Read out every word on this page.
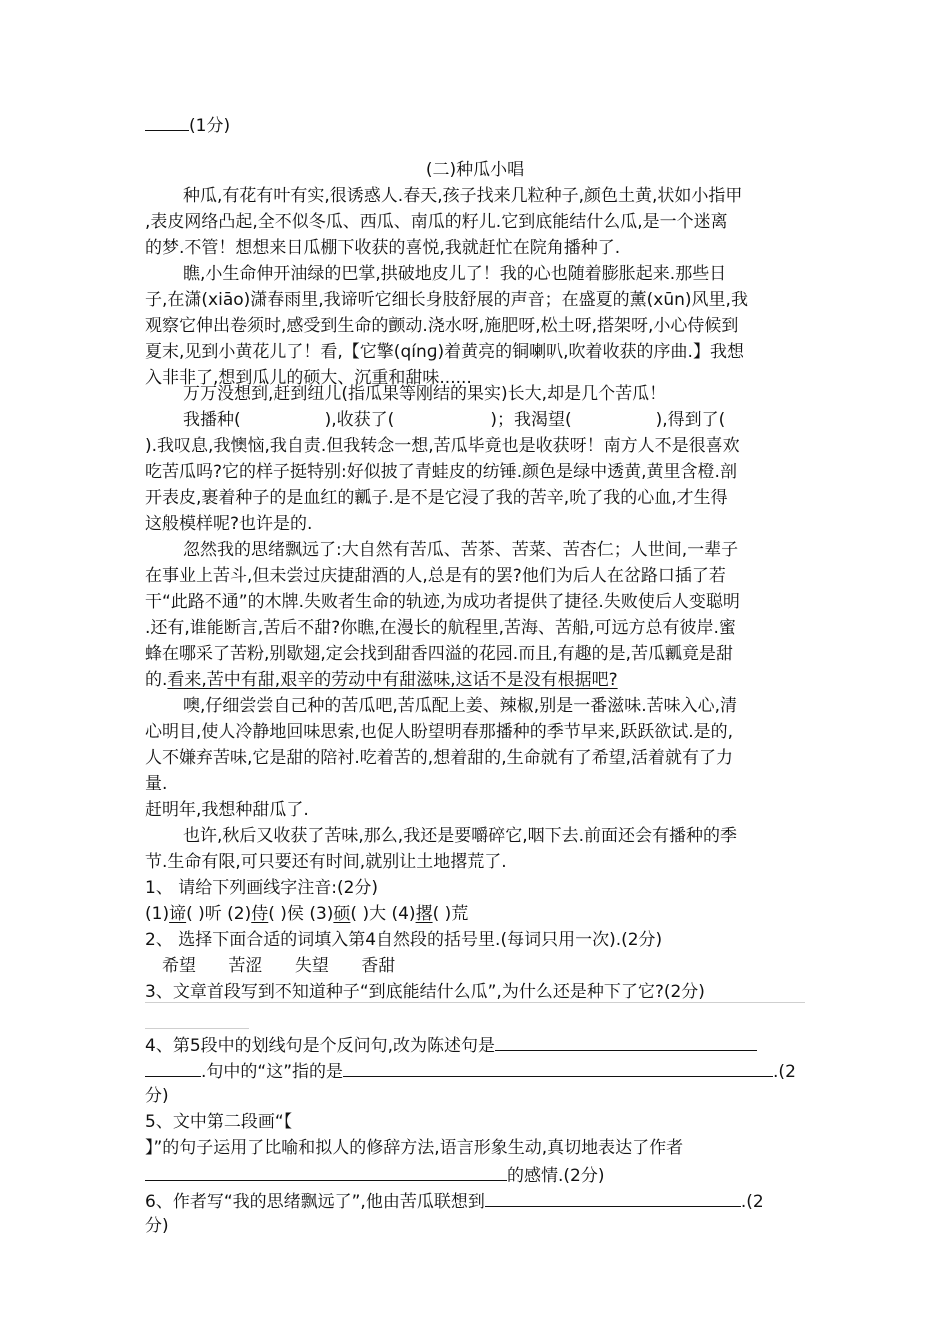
(1分)
(二)种瓜小唱
种瓜,有花有叶有实,很诱惑人.春天,孩子找来几粒种子,颜色土黄,状如小指甲
,表皮网络凸起,全不似冬瓜、西瓜、南瓜的籽儿.它到底能结什么瓜,是一个迷离
的梦.不管！想想来日瓜棚下收获的喜悦,我就赶忙在院角播种了.
瞧,小生命伸开油绿的巴掌,拱破地皮儿了！我的心也随着膨胀起来.那些日
子,在潇(xiāo)潇春雨里,我谛听它细长身肢舒展的声音；在盛夏的薰(xūn)风里,我
观察它伸出卷须时,感受到生命的颤动.浇水呀,施肥呀,松土呀,搭架呀,小心侍候到
夏末,见到小黄花儿了！看,【它擎(qínɡ)着黄亮的铜喇叭,吹着收获的序曲.】我想
入非非了,想到瓜儿的硕大、沉重和甜味......
万万没想到,赶到纽儿(指瓜果等刚结的果实)长大,却是几个苦瓜！
我播种(	),收获了(	)；我渴望(	),得到了(
).我叹息,我懊恼,我自责.但我转念一想,苦瓜毕竟也是收获呀！南方人不是很喜欢
吃苦瓜吗?它的样子挺特别:好似披了青蛙皮的纺锤.颜色是绿中透黄,黄里含橙.剖
开表皮,裹着种子的是血红的瓤子.是不是它浸了我的苦辛,吮了我的心血,才生得
这般模样呢?也许是的.
忽然我的思绪飘远了:大自然有苦瓜、苦茶、苦菜、苦杏仁；人世间,一辈子
在事业上苦斗,但未尝过庆捷甜酒的人,总是有的罢?他们为后人在岔路口插了若
干“此路不通”的木牌.失败者生命的轨迹,为成功者提供了捷径.失败使后人变聪明
.还有,谁能断言,苦后不甜?你瞧,在漫长的航程里,苦海、苦船,可远方总有彼岸.蜜
蜂在哪采了苦粉,别歇翅,定会找到甜香四溢的花园.而且,有趣的是,苦瓜瓤竟是甜
的.看来,苦中有甜,艰辛的劳动中有甜滋味,这话不是没有根据吧?
噢,仔细尝尝自己种的苦瓜吧,苦瓜配上姜、辣椒,别是一番滋味.苦味入心,清
心明目,使人冷静地回味思索,也促人盼望明春那播种的季节早来,跃跃欲试.是的,
人不嫌弃苦味,它是甜的陪衬.吃着苦的,想着甜的,生命就有了希望,活着就有了力
量.
赶明年,我想种甜瓜了.
也许,秋后又收获了苦味,那么,我还是要嚼碎它,咽下去.前面还会有播种的季
节.生命有限,可只要还有时间,就别让土地撂荒了.
1、 请给下列画线字注音:(2分)
(1)谛( )听 (2)侍( )侯 (3)硕( )大 (4)撂( )荒
2、 选择下面合适的词填入第4自然段的括号里.(每词只用一次).(2分)
希望      苦涩      失望      香甜
3、文章首段写到不知道种子“到底能结什么瓜”,为什么还是种下了它?(2分)
4、第5段中的划线句是个反问句,改为陈述句是
.句中的“这”指的是	.(2
分)
5、文中第二段画“【
】”的句子运用了比喻和拟人的修辞方法,语言形象生动,真切地表达了作者
的感情.(2分)
6、作者写“我的思绪飘远了”,他由苦瓜联想到	.(2
分)
